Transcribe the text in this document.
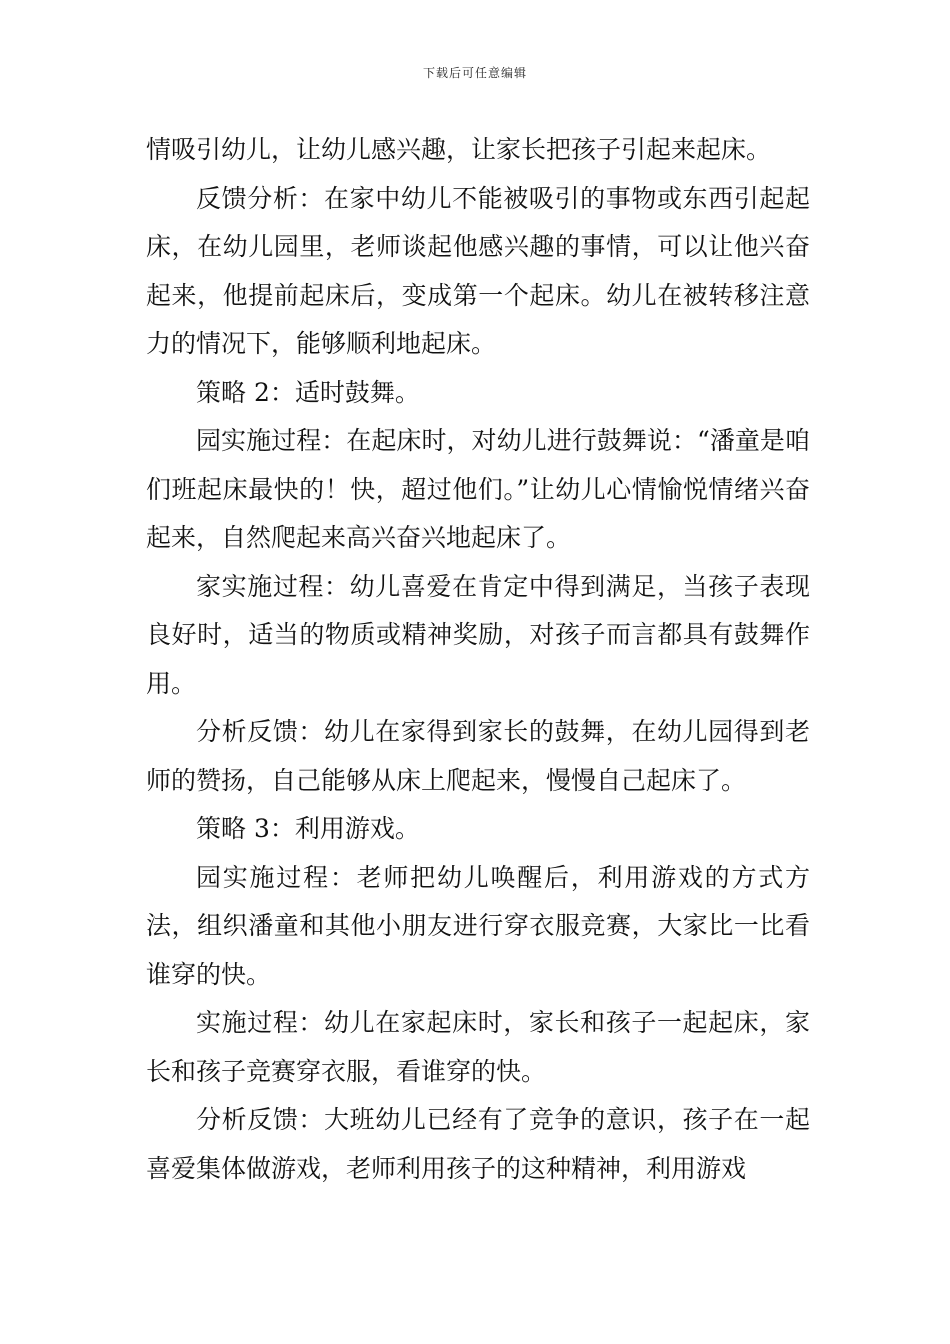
下载后可任意编辑

情吸引幼儿，让幼儿感兴趣，让家长把孩子引起来起床。

反馈分析：在家中幼儿不能被吸引的事物或东西引起起床，在幼儿园里，老师谈起他感兴趣的事情，可以让他兴奋起来，他提前起床后，变成第一个起床。幼儿在被转移注意力的情况下，能够顺利地起床。

策略 2：适时鼓舞。

园实施过程：在起床时，对幼儿进行鼓舞说：“潘童是咱们班起床最快的！快，超过他们。”让幼儿心情愉悦情绪兴奋起来，自然爬起来高兴奋兴地起床了。

家实施过程：幼儿喜爱在肯定中得到满足，当孩子表现良好时，适当的物质或精神奖励，对孩子而言都具有鼓舞作用。

分析反馈：幼儿在家得到家长的鼓舞，在幼儿园得到老师的赞扬，自己能够从床上爬起来，慢慢自己起床了。

策略 3：利用游戏。

园实施过程：老师把幼儿唤醒后，利用游戏的方式方法，组织潘童和其他小朋友进行穿衣服竞赛，大家比一比看谁穿的快。

实施过程：幼儿在家起床时，家长和孩子一起起床，家长和孩子竞赛穿衣服，看谁穿的快。

分析反馈：大班幼儿已经有了竞争的意识，孩子在一起喜爱集体做游戏，老师利用孩子的这种精神，利用游戏
